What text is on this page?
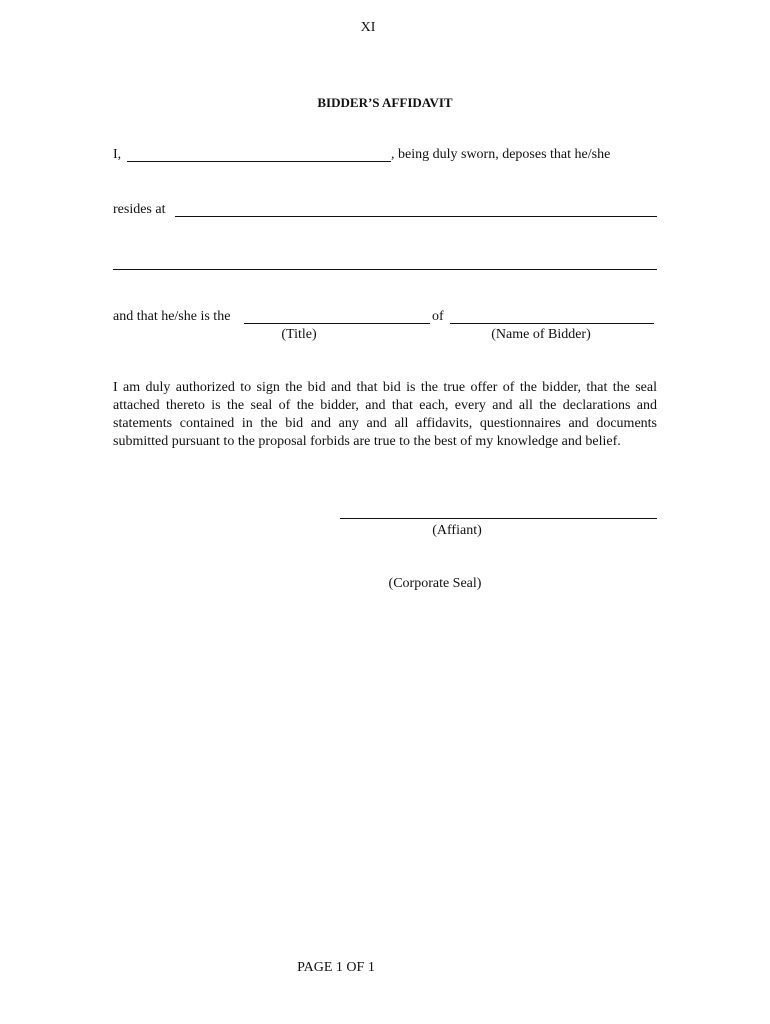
XI
BIDDER’S AFFIDAVIT
I,	, being duly sworn, deposes that he/she
resides at
and that he/she is the	of
(Title)	(Name of Bidder)
I am duly authorized to sign the bid and that bid is the true offer of the bidder, that the seal attached thereto is the seal of the bidder, and that each, every and all the declarations and statements contained in the bid and any and all affidavits, questionnaires and documents submitted pursuant to the proposal forbids are true to the best of my knowledge and belief.
(Affiant)
(Corporate Seal)
PAGE 1 OF 1
